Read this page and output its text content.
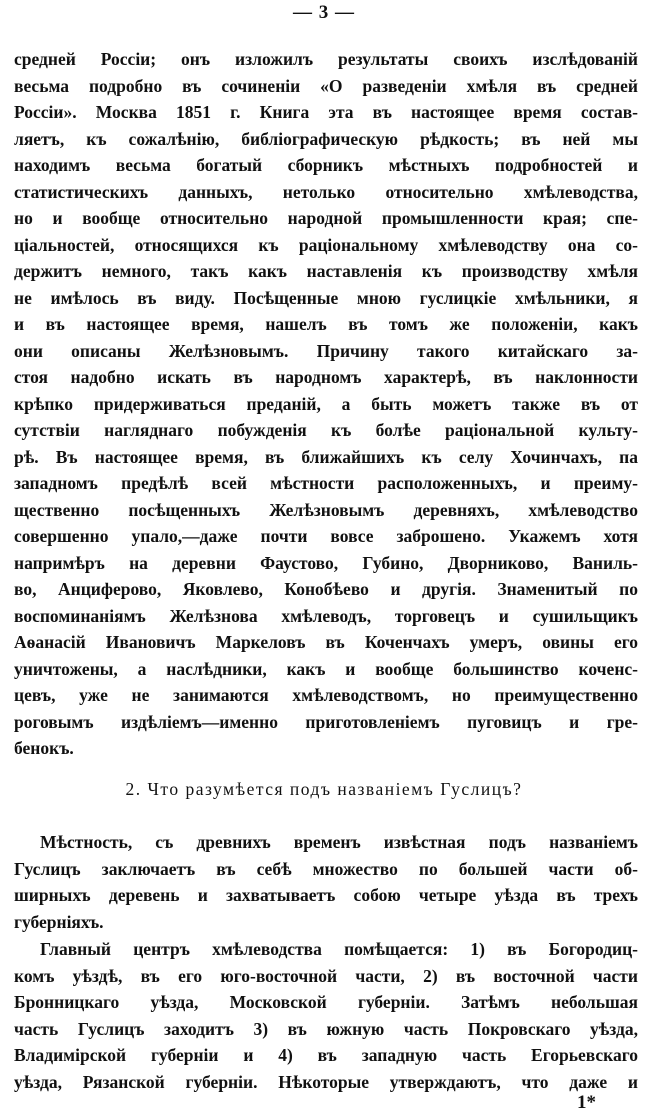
— 3 —
средней Россіи; онъ изложилъ результаты своихъ изслѣдованій
весьма подробно въ сочиненіи «О разведеніи хмѣля въ средней
Россіи». Москва 1851 г. Книга эта въ настоящее время состав-
ляетъ, къ сожалѣнію, библіографическую рѣдкость; въ ней мы
находимъ весьма богатый сборникъ мѣстныхъ подробностей и
статистическихъ данныхъ, нетолько относительно хмѣлеводства,
но и вообще относительно народной промышленности края; спе-
ціальностей, относящихся къ раціональному хмѣлеводству она со-
держитъ немного, такъ какъ наставленія къ производству хмѣля
не имѣлось въ виду. Посѣщенные мною гуслицкіе хмѣльники, я
и въ настоящее время, нашелъ въ томъ же положеніи, какъ
они описаны Желѣзновымъ. Причину такого китайскаго за-
стоя надобно искать въ народномъ характерѣ, въ наклонности
крѣпко придерживаться преданій, а быть можетъ также въ от
сутствіи нагляднаго побужденія къ болѣе раціональной культу-
рѣ. Въ настоящее время, въ ближайшихъ къ селу Хочинчахъ, па
западномъ предѣлѣ всей мѣстности расположенныхъ, и преиму-
щественно посѣщенныхъ Желѣзновымъ деревняхъ, хмѣлеводство
совершенно упало,—даже почти вовсе заброшено. Укажемъ хотя
напримѣръ на деревни Фаустово, Губино, Дворниково, Ваниль-
во, Анциферово, Яковлево, Конобѣево и другія. Знаменитый по
воспоминаніямъ Желѣзнова хмѣлеводъ, торговецъ и сушильщикъ
Аѳанасій Ивановичъ Маркеловъ въ Коченчахъ умеръ, овины его
уничтожены, а наслѣдники, какъ и вообще большинство коченс-
цевъ, уже не занимаются хмѣлеводствомъ, но преимущественно
роговымъ издѣліемъ—именно приготовленіемъ пуговицъ и гре-
бенокъ.
2. Что разумѣется подъ названіемъ Гуслицъ?
Мѣстность, съ древнихъ временъ извѣстная подъ названіемъ
Гуслицъ заключаетъ въ себѣ множество по большей части об-
ширныхъ деревень и захватываетъ собою четыре уѣзда въ трехъ
губерніяхъ.
Главный центръ хмѣлеводства помѣщается: 1) въ Богородиц-
комъ уѣздѣ, въ его юго-восточной части, 2) въ восточной части
Бронницкаго уѣзда, Московской губерніи. Затѣмъ небольшая
часть Гуслицъ заходитъ 3) въ южную часть Покровскаго уѣзда,
Владимірской губерніи и 4) въ западную часть Егорьевскаго
уѣзда, Рязанской губерніи. Нѣкоторые утверждаютъ, что даже и
1*
